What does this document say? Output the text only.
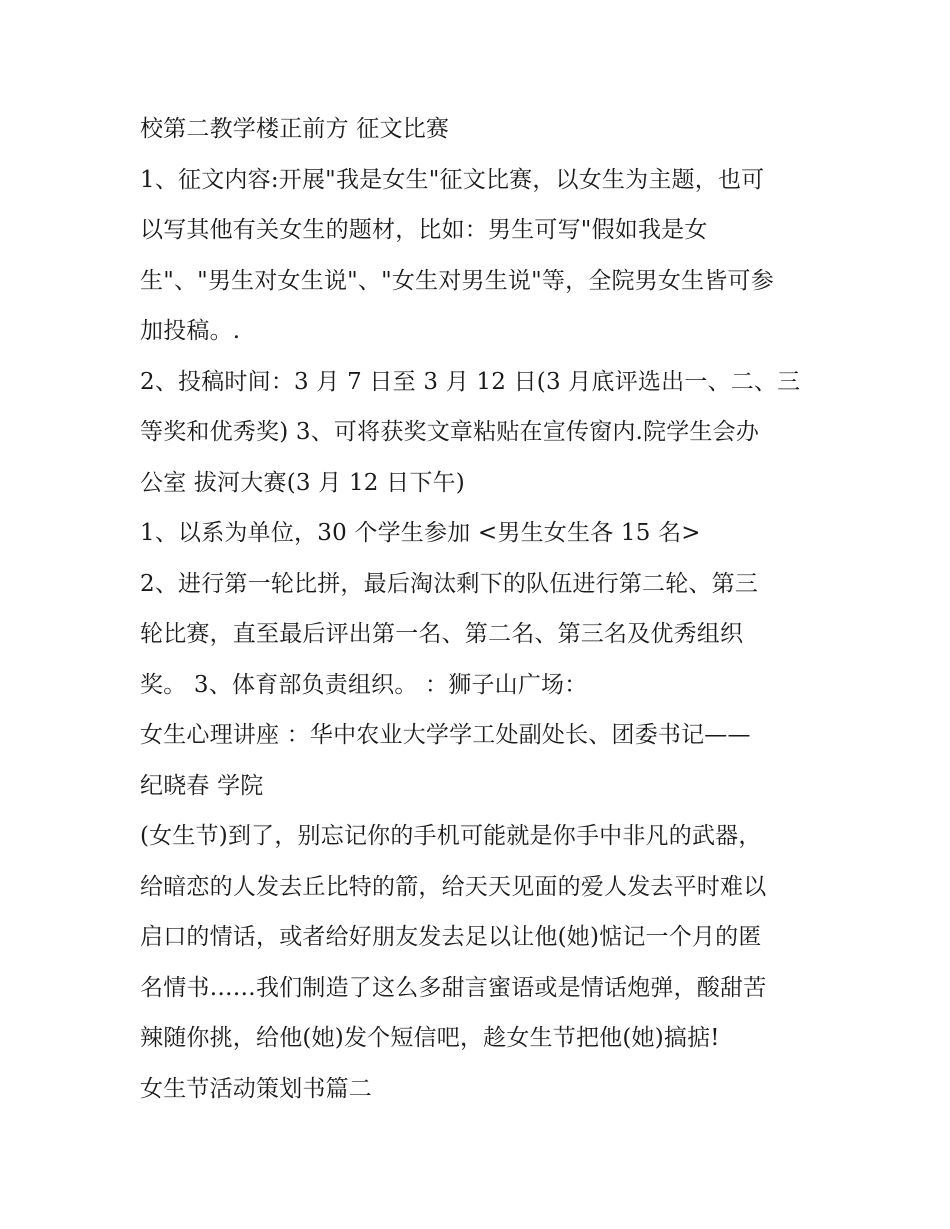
校第二教学楼正前方 征文比赛
1、征文内容:开展"我是女生"征文比赛，以女生为主题，也可
以写其他有关女生的题材，比如：男生可写"假如我是女
生"、"男生对女生说"、"女生对男生说"等，全院男女生皆可参
加投稿。.
2、投稿时间：3 月 7 日至 3 月 12 日(3 月底评选出一、二、三
等奖和优秀奖) 3、可将获奖文章粘贴在宣传窗内.院学生会办
公室 拔河大赛(3 月 12 日下午)
1、以系为单位，30 个学生参加 <男生女生各 15 名>
2、进行第一轮比拼，最后淘汰剩下的队伍进行第二轮、第三
轮比赛，直至最后评出第一名、第二名、第三名及优秀组织
奖。 3、体育部负责组织。 ：狮子山广场：
女生心理讲座 ：华中农业大学学工处副处长、团委书记——
纪晓春 学院
(女生节)到了，别忘记你的手机可能就是你手中非凡的武器，
给暗恋的人发去丘比特的箭，给天天见面的爱人发去平时难以
启口的情话，或者给好朋友发去足以让他(她)惦记一个月的匿
名情书……我们制造了这么多甜言蜜语或是情话炮弹，酸甜苦
辣随你挑，给他(她)发个短信吧，趁女生节把他(她)搞掂!
女生节活动策划书篇二
